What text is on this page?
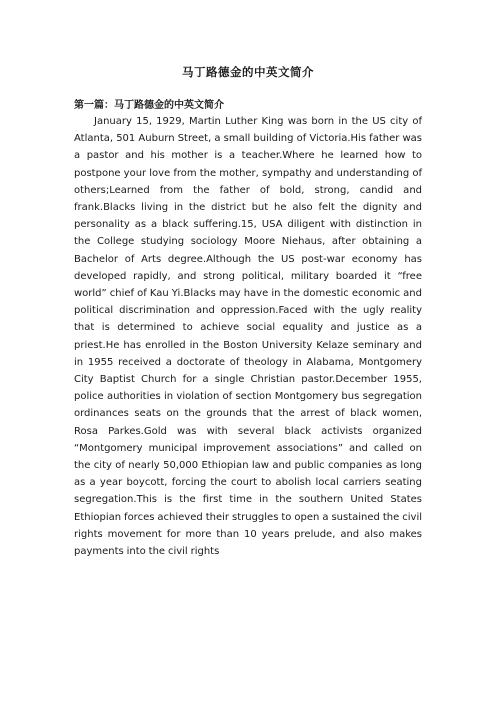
马丁路德金的中英文简介
第一篇：马丁路德金的中英文简介

January 15, 1929, Martin Luther King was born in the US city of Atlanta, 501 Auburn Street, a small building of Victoria.His father was a pastor and his mother is a teacher.Where he learned how to postpone your love from the mother, sympathy and understanding of others;Learned from the father of bold, strong, candid and frank.Blacks living in the district but he also felt the dignity and personality as a black suffering.15, USA diligent with distinction in the College studying sociology Moore Niehaus, after obtaining a Bachelor of Arts degree.Although the US post-war economy has developed rapidly, and strong political, military boarded it “free world” chief of Kau Yi.Blacks may have in the domestic economic and political discrimination and oppression.Faced with the ugly reality that is determined to achieve social equality and justice as a priest.He has enrolled in the Boston University Kelaze seminary and in 1955 received a doctorate of theology in Alabama, Montgomery City Baptist Church for a single Christian pastor.December 1955, police authorities in violation of section Montgomery bus segregation ordinances seats on the grounds that the arrest of black women, Rosa Parkes.Gold was with several black activists organized “Montgomery municipal improvement associations” and called on the city of nearly 50,000 Ethiopian law and public companies as long as a year boycott, forcing the court to abolish local carriers seating segregation.This is the first time in the southern United States Ethiopian forces achieved their struggles to open a sustained the civil rights movement for more than 10 years prelude, and also makes payments into the civil rights
